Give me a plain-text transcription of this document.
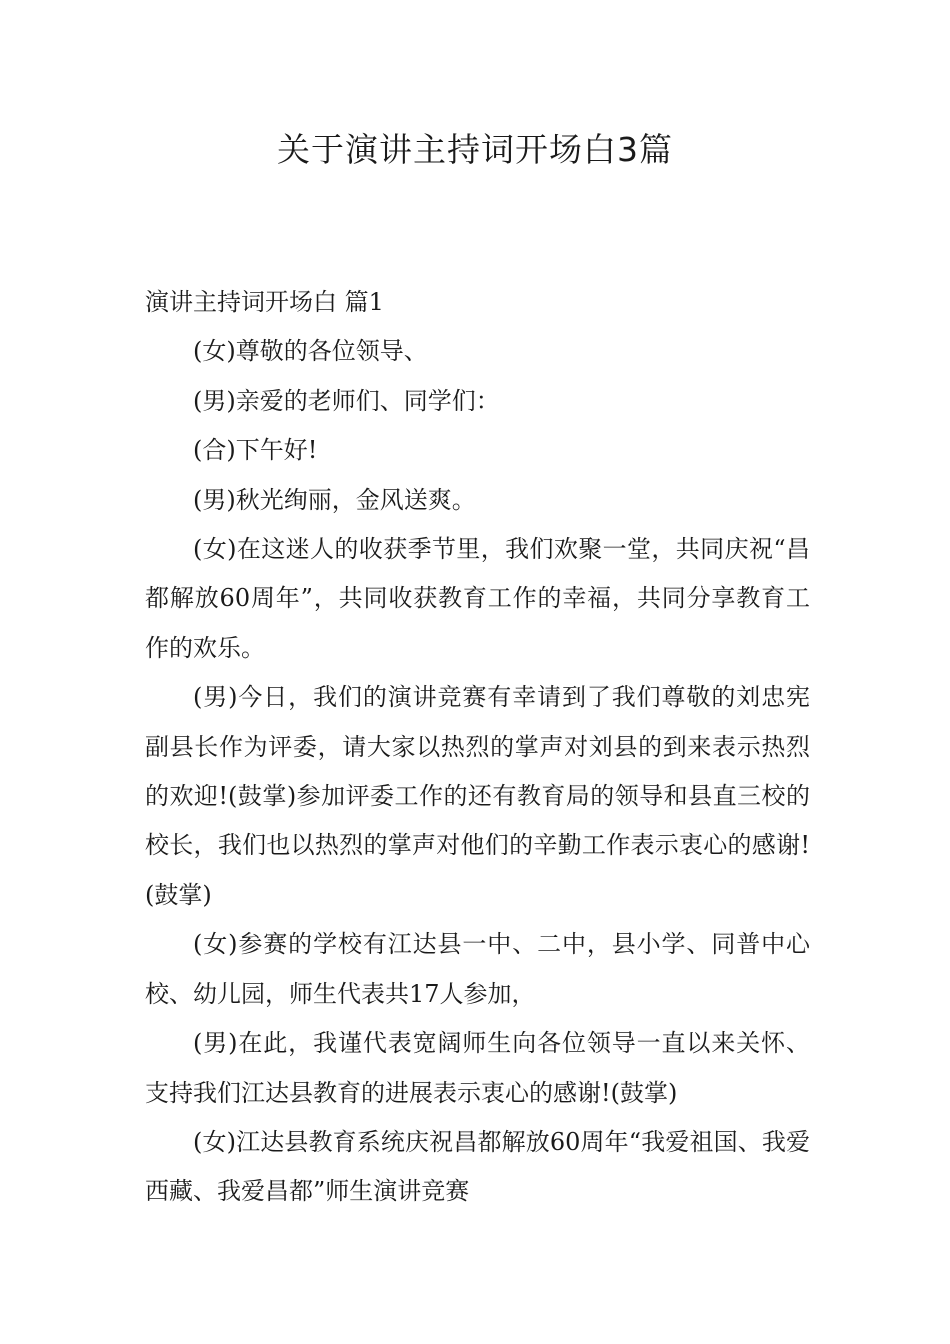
关于演讲主持词开场白3篇

演讲主持词开场白 篇1

(女)尊敬的各位领导、

(男)亲爱的老师们、同学们：

(合)下午好!

(男)秋光绚丽，金风送爽。

(女)在这迷人的收获季节里，我们欢聚一堂，共同庆祝“昌都解放60周年”，共同收获教育工作的幸福，共同分享教育工作的欢乐。

(男)今日，我们的演讲竞赛有幸请到了我们尊敬的刘忠宪副县长作为评委，请大家以热烈的掌声对刘县的到来表示热烈的欢迎!(鼓掌)参加评委工作的还有教育局的领导和县直三校的校长，我们也以热烈的掌声对他们的辛勤工作表示衷心的感谢!(鼓掌)

(女)参赛的学校有江达县一中、二中，县小学、同普中心校、幼儿园，师生代表共17人参加，

(男)在此，我谨代表宽阔师生向各位领导一直以来关怀、支持我们江达县教育的进展表示衷心的感谢!(鼓掌)

(女)江达县教育系统庆祝昌都解放60周年“我爱祖国、我爱西藏、我爱昌都”师生演讲竞赛
